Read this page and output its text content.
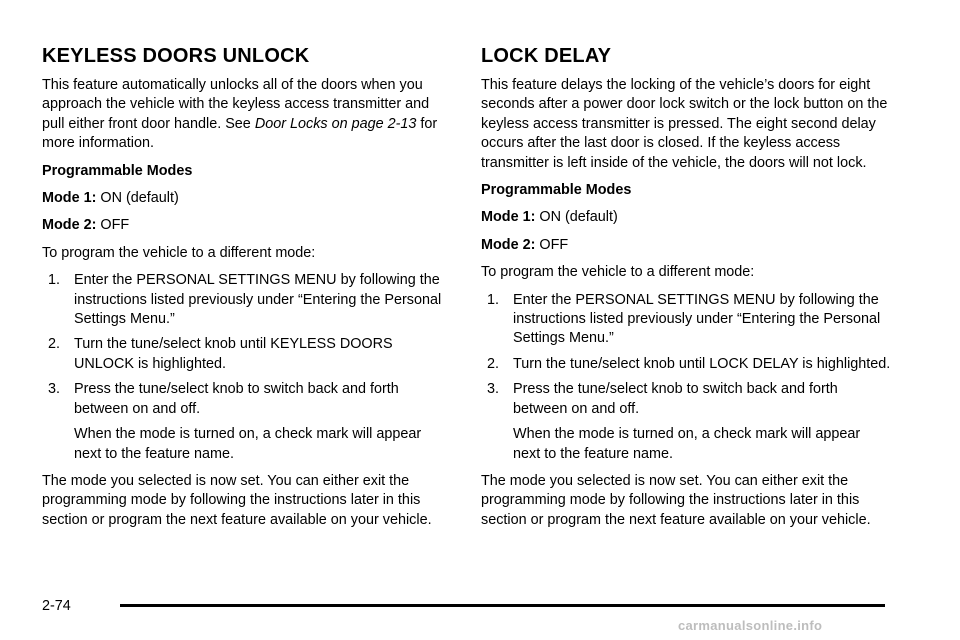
KEYLESS DOORS UNLOCK

This feature automatically unlocks all of the doors when you approach the vehicle with the keyless access transmitter and pull either front door handle. See Door Locks on page 2-13 for more information.

Programmable Modes

Mode 1: ON (default)

Mode 2: OFF

To program the vehicle to a different mode:

1. Enter the PERSONAL SETTINGS MENU by following the instructions listed previously under “Entering the Personal Settings Menu.”
2. Turn the tune/select knob until KEYLESS DOORS UNLOCK is highlighted.
3. Press the tune/select knob to switch back and forth between on and off.

When the mode is turned on, a check mark will appear next to the feature name.

The mode you selected is now set. You can either exit the programming mode by following the instructions later in this section or program the next feature available on your vehicle.

LOCK DELAY

This feature delays the locking of the vehicle’s doors for eight seconds after a power door lock switch or the lock button on the keyless access transmitter is pressed. The eight second delay occurs after the last door is closed. If the keyless access transmitter is left inside of the vehicle, the doors will not lock.

Programmable Modes

Mode 1: ON (default)

Mode 2: OFF

To program the vehicle to a different mode:

1. Enter the PERSONAL SETTINGS MENU by following the instructions listed previously under “Entering the Personal Settings Menu.”
2. Turn the tune/select knob until LOCK DELAY is highlighted.
3. Press the tune/select knob to switch back and forth between on and off.

When the mode is turned on, a check mark will appear next to the feature name.

The mode you selected is now set. You can either exit the programming mode by following the instructions later in this section or program the next feature available on your vehicle.

2-74
carmanualsonline.info
